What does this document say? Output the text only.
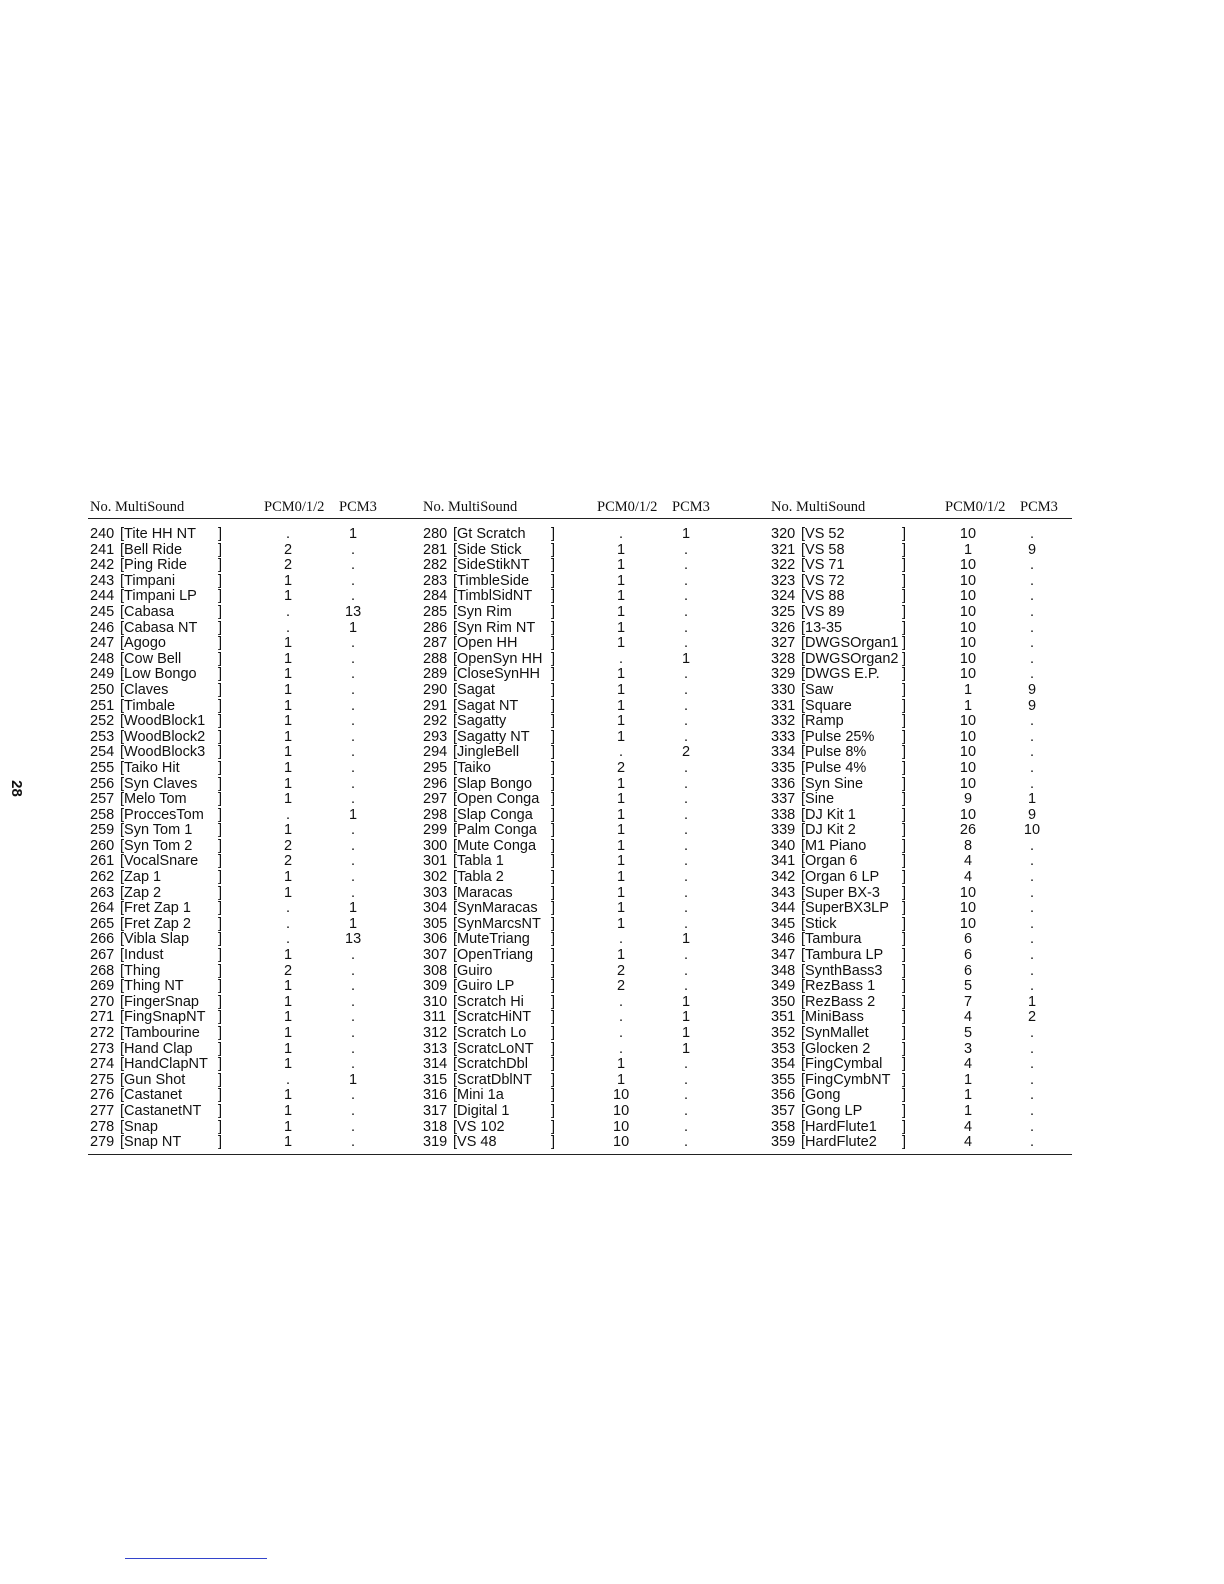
28
No. MultiSound	PCM0/1/2 PCM3
240 [Tite HH NT ]	.	1
241 [Bell Ride ]	2	.
242 [Ping Ride ]	2	.
243 [Timpani	]	1	.
244 [Timpani LP ]	1	.
245 [Cabasa	]	.	13
246 [Cabasa NT ]	.	1
247 [Agogo	]	1	.
248 [Cow Bell	]	1	.
249 [Low Bongo ]	1	.
250 [Claves	]	1	.
251 [Timbale	]	1	.
252 [WoodBlock1 ]	1	.
253 [WoodBlock2 ]	1	.
254 [WoodBlock3 ]	1	.
255 [Taiko Hit	]	1	.
256 [Syn Claves ]	1	.
257 [Melo Tom ]	1	.
258 [ProccesTom ]	.	1
259 [Syn Tom 1 ]	1	.
260 [Syn Tom 2 ]	2	.
261 [VocalSnare ]	2	.
262 [Zap 1	]	1	.
263 [Zap 2	]	1	.
264 [Fret Zap 1 ]	.	1
265 [Fret Zap 2 ]	.	1
266 [Vibla Slap ]	.	13
267 [Indust	]	1	.
268 [Thing	]	2	.
269 [Thing NT ]	1	.
270 [FingerSnap ]	1	.
271 [FingSnapNT ]	1	.
272 [Tambourine ]	1	.
273 [Hand Clap ]	1	.
274 [HandClapNT ]	1	.
275 [Gun Shot ]	.	1
276 [Castanet ]	1	.
277 [CastanetNT ]	1	.
278 [Snap	]	1	.
279 [Snap NT	]	1	.
No. MultiSound	PCM0/1/2 PCM3
280 [Gt Scratch ]	.	1
281 [Side Stick ]	1	.
282 [SideStikNT ]	1	.
283 [TimbleSide ]	1	.
284 [TimblSidNT ]	1	.
285 [Syn Rim	]	1	.
286 [Syn Rim NT ]	1	.
287 [Open HH ]	1	.
288 [OpenSyn HH ]	.	1
289 [CloseSynHH ]	1	.
290 [Sagat	]	1	.
291 [Sagat NT ]	1	.
292 [Sagatty	]	1	.
293 [Sagatty NT ]	1	.
294 [JingleBell ]	.	2
295 [Taiko	]	2	.
296 [Slap Bongo ]	1	.
297 [Open Conga ]	1	.
298 [Slap Conga ]	1	.
299 [Palm Conga ]	1	.
300 [Mute Conga ]	1	.
301 [Tabla 1	]	1	.
302 [Tabla 2	]	1	.
303 [Maracas	]	1	.
304 [SynMaracas ]	1	.
305 [SynMarcsNT ]	1	.
306 [MuteTriang ]	.	1
307 [OpenTriang ]	1	.
308 [Guiro	]	2	.
309 [Guiro LP	]	2	.
310 [Scratch Hi ]	.	1
311 [ScratcHiNT ]	.	1
312 [Scratch Lo ]	.	1
313 [ScratcLoNT ]	.	1
314 [ScratchDbl ]	1	.
315 [ScratDblNT ]	1	.
316 [Mini 1a	]	10	.
317 [Digital 1	]	10	.
318 [VS 102	]	10	.
319 [VS 48	]	10	.
No. MultiSound	PCM0/1/2 PCM3
320 [VS 52	]	10	.
321 [VS 58	]	1	9
322 [VS 71	]	10	.
323 [VS 72	]	10	.
324 [VS 88	]	10	.
325 [VS 89	]	10	.
326 [13-35	]	10	.
327 [DWGSOrgan1 ]	10	.
328 [DWGSOrgan2 ]	10	.
329 [DWGS E.P. ]	10	.
330 [Saw	]	1	9
331 [Square	]	1	9
332 [Ramp	]	10	.
333 [Pulse 25% ]	10	.
334 [Pulse 8% ]	10	.
335 [Pulse 4% ]	10	.
336 [Syn Sine	]	10	.
337 [Sine	]	9	1
338 [DJ Kit 1	]	10	9
339 [DJ Kit 2	]	26	10
340 [M1 Piano ]	8	.
341 [Organ 6	]	4	.
342 [Organ 6 LP ]	4	.
343 [Super BX-3 ]	10	.
344 [SuperBX3LP ]	10	.
345 [Stick	]	10	.
346 [Tambura	]	6	.
347 [Tambura LP ]	6	.
348 [SynthBass3 ]	6	.
349 [RezBass 1 ]	5	.
350 [RezBass 2 ]	7	1
351 [MiniBass	]	4	2
352 [SynMallet ]	5	.
353 [Glocken 2 ]	3	.
354 [FingCymbal ]	4	.
355 [FingCymbNT ]	1	.
356 [Gong	]	1	.
357 [Gong LP	]	1	.
358 [HardFlute1 ]	4	.
359 [HardFlute2 ]	4	.
